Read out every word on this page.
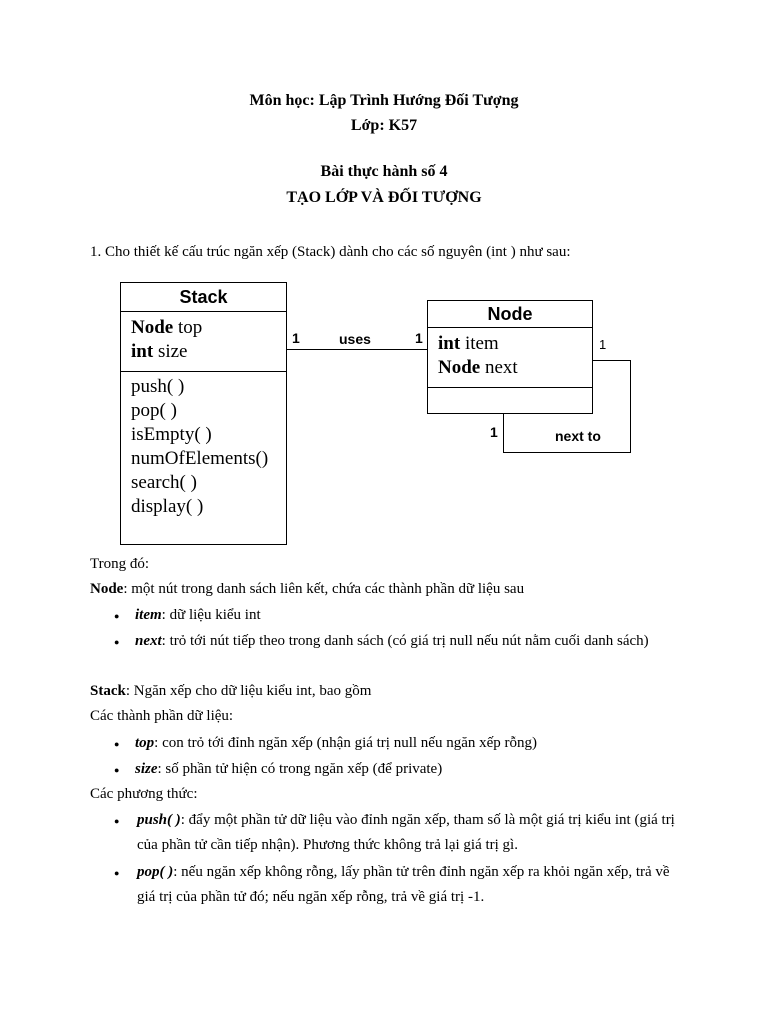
Môn học: Lập Trình Hướng Đối Tượng
Lớp: K57
Bài thực hành số 4
TẠO LỚP VÀ ĐỐI TƯỢNG
1. Cho thiết kế cấu trúc ngăn xếp (Stack) dành cho các số nguyên (int ) như sau:
Stack
Node top
int size
push( )
pop( )
isEmpty( )
numOfElements()
search( )
display( )
1	uses	1
Node
int item
Node next
1
1	next to
Trong đó:
Node: một nút trong danh sách liên kết, chứa các thành phần dữ liệu sau
● item: dữ liệu kiểu int
● next: trỏ tới nút tiếp theo trong danh sách (có giá trị null nếu nút nằm cuối danh sách)
Stack: Ngăn xếp cho dữ liệu kiểu int, bao gồm
Các thành phần dữ liệu:
● top: con trỏ tới đỉnh ngăn xếp (nhận giá trị null nếu ngăn xếp rỗng)
● size: số phần tử hiện có trong ngăn xếp (để private)
Các phương thức:
● push( ): đẩy một phần tử dữ liệu vào đỉnh ngăn xếp, tham số là một giá trị kiểu int (giá trị của phần tử cần tiếp nhận). Phương thức không trả lại giá trị gì.
● pop( ): nếu ngăn xếp không rỗng, lấy phần tử trên đỉnh ngăn xếp ra khỏi ngăn xếp, trả về giá trị của phần tử đó; nếu ngăn xếp rỗng, trả về giá trị -1.
